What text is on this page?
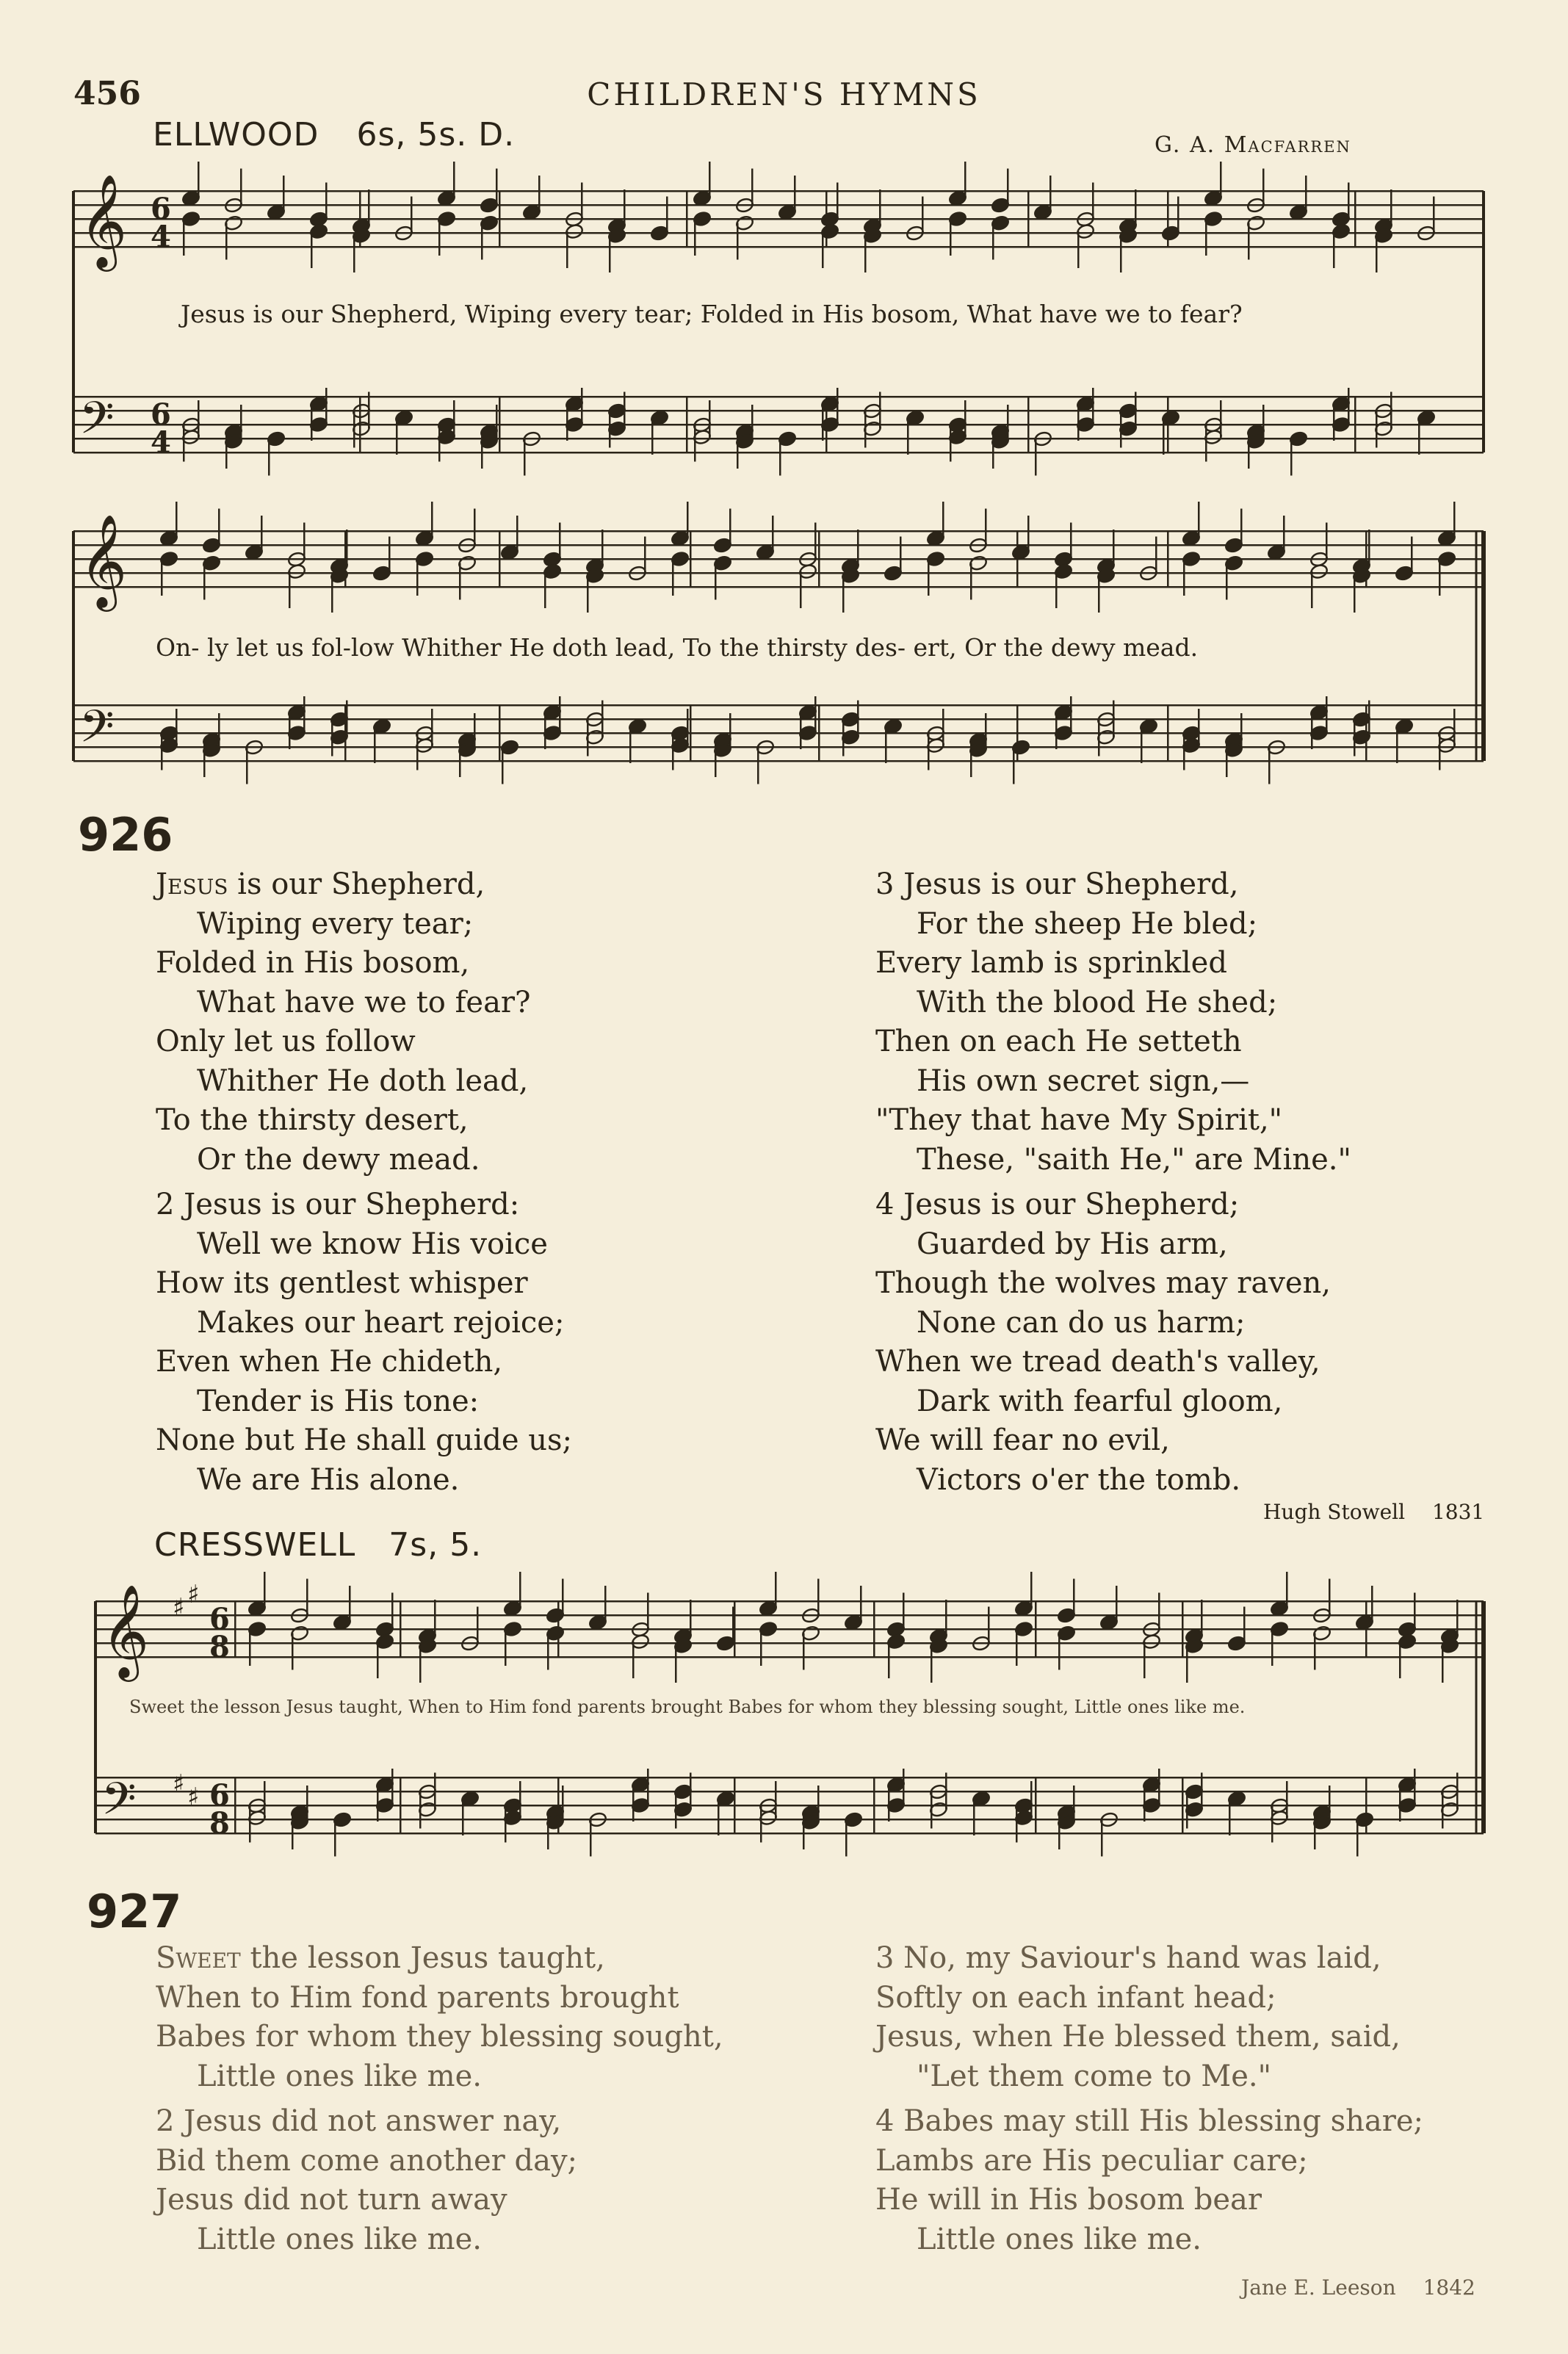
456	CHILDREN'S HYMNS
ELLWOOD 6s, 5s. D.	G. A. Macfarren
𝄞
𝄢
𝄞
𝄢
𝄞
𝄢
6
4
6
4
6
8
6
8
♯ ♯
♯ ♯
Jesus is our Shepherd, Wiping every tear; Folded in His bosom, What have we to fear?
On- ly let us fol-low Whither He doth lead, To the thirsty des- ert, Or the dewy mead.
926
Jesus is our Shepherd,
Wiping every tear;
Folded in His bosom,
What have we to fear?
Only let us follow
Whither He doth lead,
To the thirsty desert,
Or the dewy mead.
2 Jesus is our Shepherd:
Well we know His voice
How its gentlest whisper
Makes our heart rejoice;
Even when He chideth,
Tender is His tone:
None but He shall guide us;
We are His alone.
3 Jesus is our Shepherd,
For the sheep He bled;
Every lamb is sprinkled
With the blood He shed;
Then on each He setteth
His own secret sign,—
"They that have My Spirit,"
These, "saith He," are Mine."
4 Jesus is our Shepherd;
Guarded by His arm,
Though the wolves may raven,
None can do us harm;
When we tread death's valley,
Dark with fearful gloom,
We will fear no evil,
Victors o'er the tomb.
Hugh Stowell 1831
CRESSWELL 7s, 5.
Sweet the lesson Jesus taught, When to Him fond parents brought Babes for whom they blessing sought, Little ones like me.
927
Sweet the lesson Jesus taught,
When to Him fond parents brought
Babes for whom they blessing sought,
Little ones like me.
2 Jesus did not answer nay,
Bid them come another day;
Jesus did not turn away
Little ones like me.
3 No, my Saviour's hand was laid,
Softly on each infant head;
Jesus, when He blessed them, said,
"Let them come to Me."
4 Babes may still His blessing share;
Lambs are His peculiar care;
He will in His bosom bear
Little ones like me.
Jane E. Leeson 1842
